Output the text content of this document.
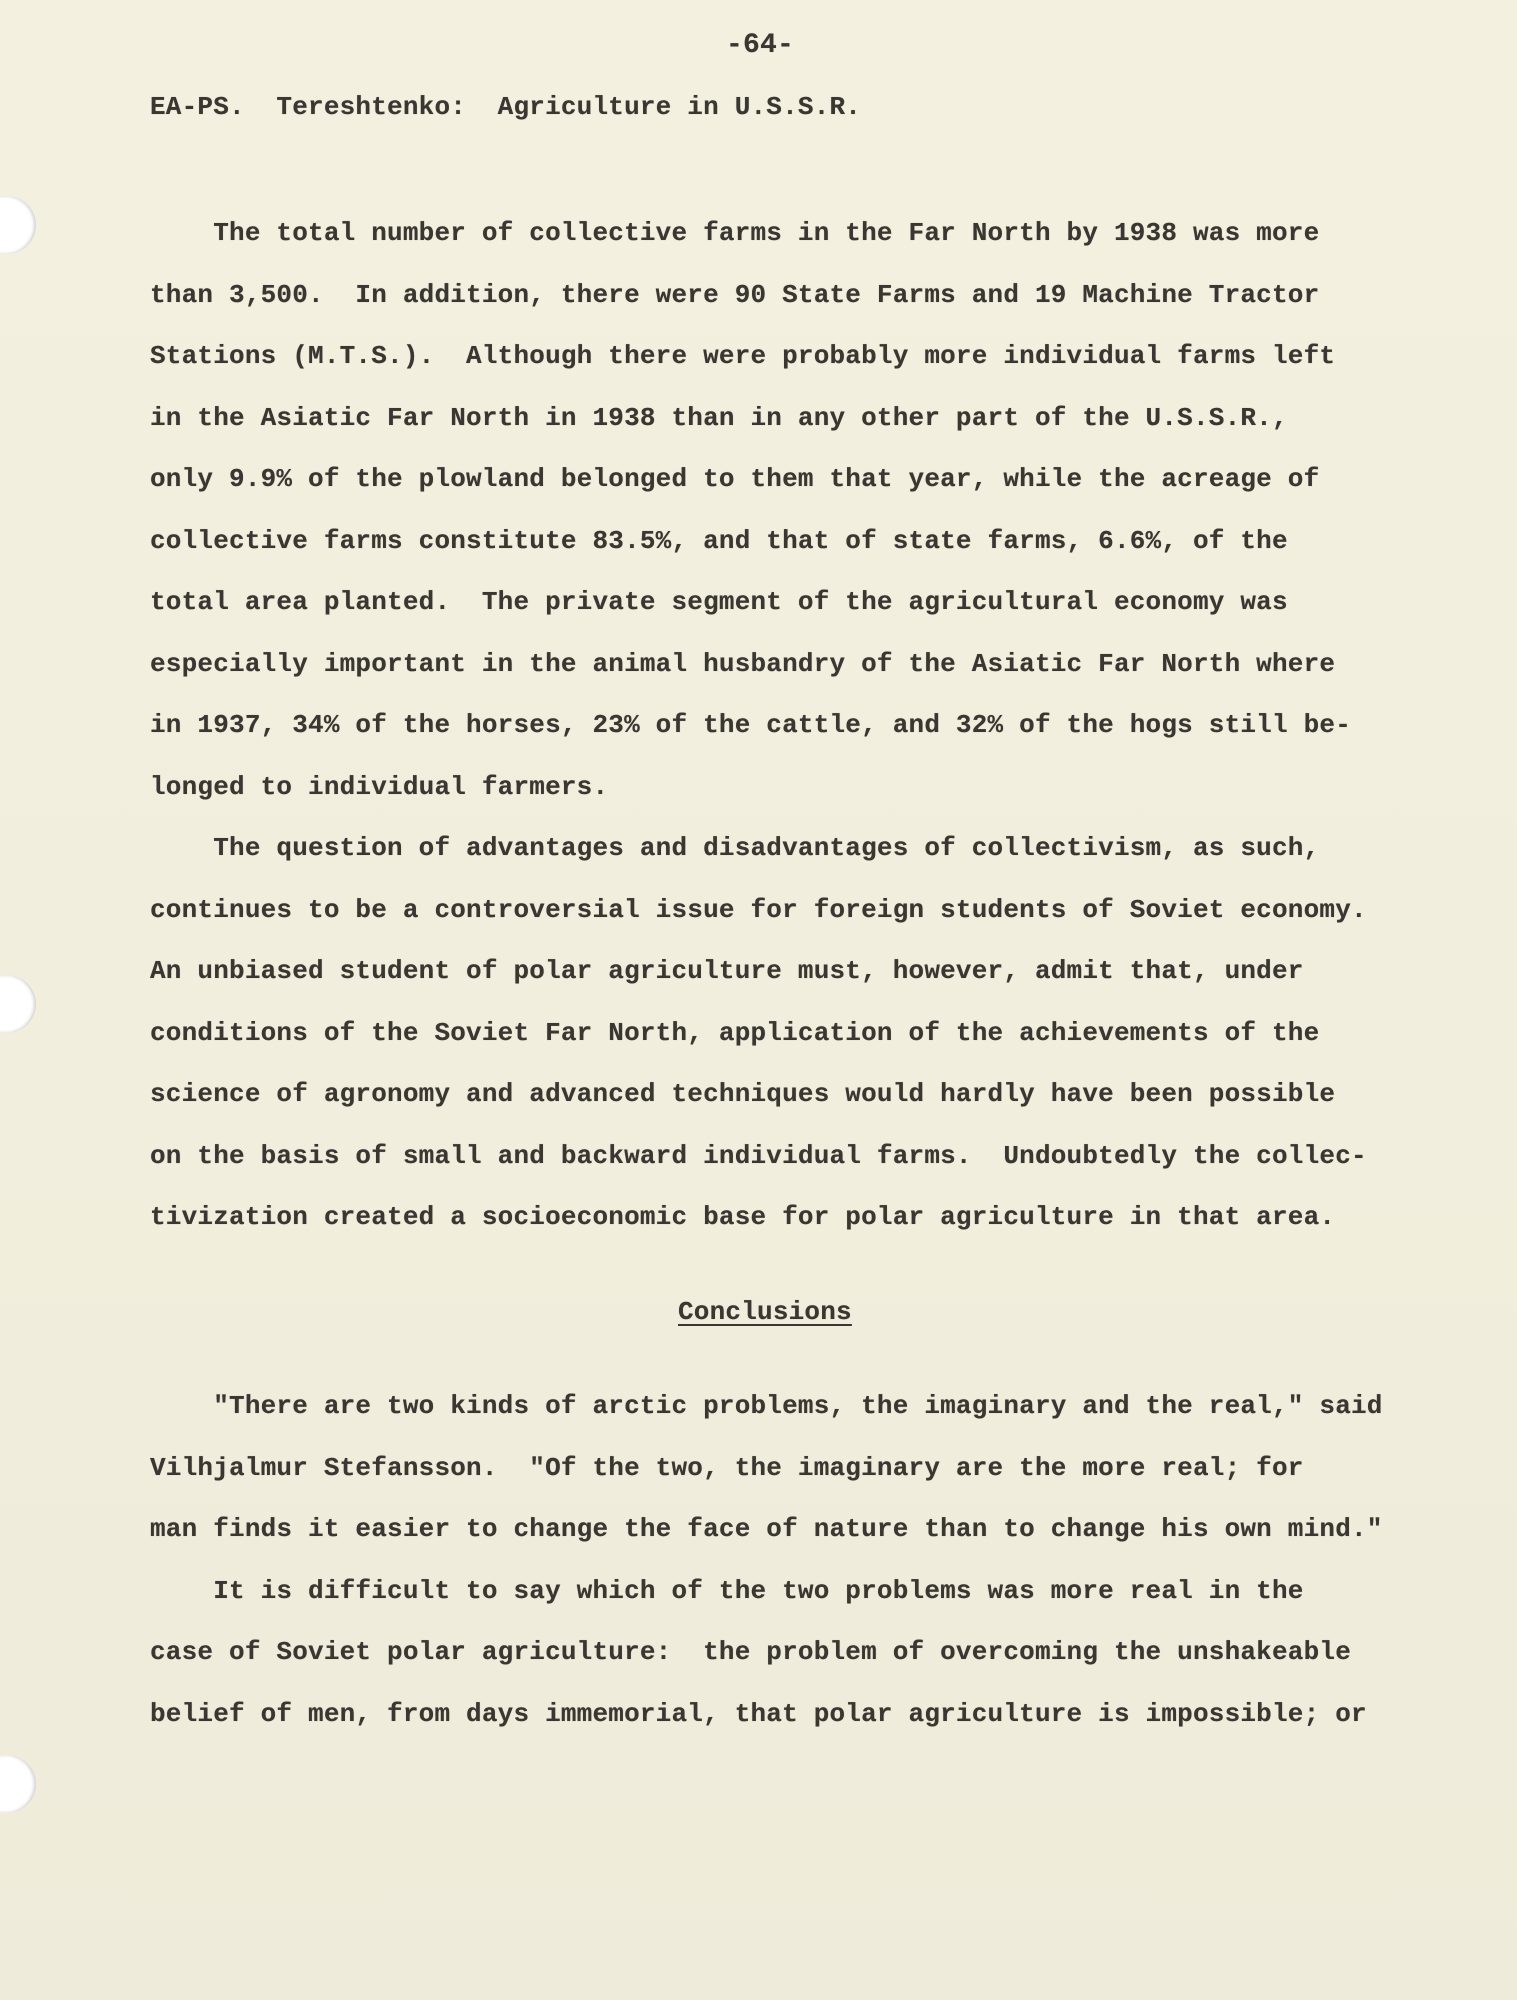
-64-

EA-PS.  Tereshtenko:  Agriculture in U.S.S.R.

The total number of collective farms in the Far North by 1938 was more

than 3,500.  In addition, there were 90 State Farms and 19 Machine Tractor

Stations (M.T.S.).  Although there were probably more individual farms left

in the Asiatic Far North in 1938 than in any other part of the U.S.S.R.,

only 9.9% of the plowland belonged to them that year, while the acreage of

collective farms constitute 83.5%, and that of state farms, 6.6%, of the

total area planted.  The private segment of the agricultural economy was

especially important in the animal husbandry of the Asiatic Far North where

in 1937, 34% of the horses, 23% of the cattle, and 32% of the hogs still be-

longed to individual farmers.

The question of advantages and disadvantages of collectivism, as such,

continues to be a controversial issue for foreign students of Soviet economy.

An unbiased student of polar agriculture must, however, admit that, under

conditions of the Soviet Far North, application of the achievements of the

science of agronomy and advanced techniques would hardly have been possible

on the basis of small and backward individual farms.  Undoubtedly the collec-

tivization created a socioeconomic base for polar agriculture in that area.

Conclusions

"There are two kinds of arctic problems, the imaginary and the real," said

Vilhjalmur Stefansson.  "Of the two, the imaginary are the more real; for

man finds it easier to change the face of nature than to change his own mind."

It is difficult to say which of the two problems was more real in the

case of Soviet polar agriculture:  the problem of overcoming the unshakeable

belief of men, from days immemorial, that polar agriculture is impossible; or
